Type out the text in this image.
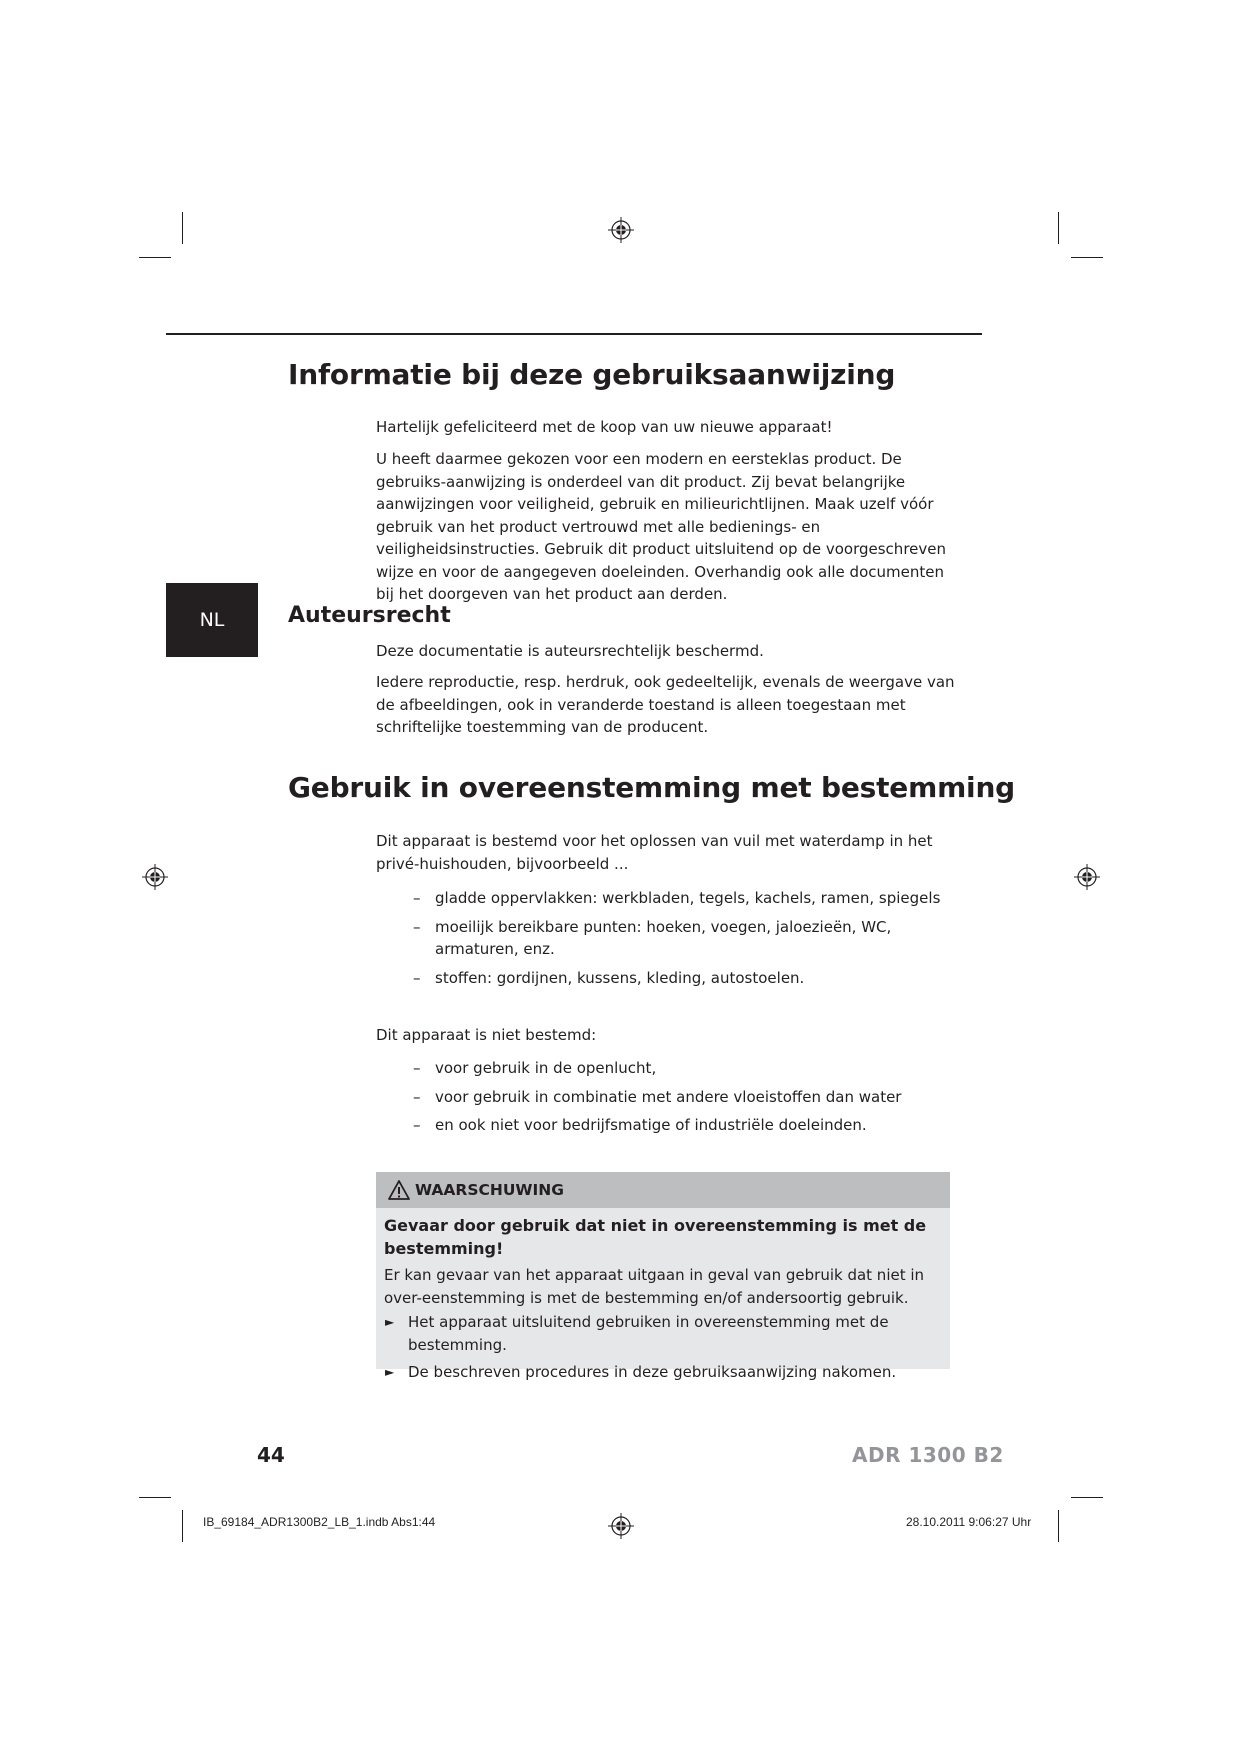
Informatie bij deze gebruiksaanwijzing

Hartelijk gefeliciteerd met de koop van uw nieuwe apparaat!

U heeft daarmee gekozen voor een modern en eersteklas product. De gebruiks-aanwijzing is onderdeel van dit product. Zij bevat belangrijke aanwijzingen voor veiligheid, gebruik en milieurichtlijnen. Maak uzelf vóór gebruik van het product vertrouwd met alle bedienings- en veiligheidsinstructies. Gebruik dit product uitsluitend op de voorgeschreven wijze en voor de aangegeven doeleinden. Overhandig ook alle documenten bij het doorgeven van het product aan derden.

NL	Auteursrecht

Deze documentatie is auteursrechtelijk beschermd.

Iedere reproductie, resp. herdruk, ook gedeeltelijk, evenals de weergave van de afbeeldingen, ook in veranderde toestand is alleen toegestaan met schriftelijke toestemming van de producent.

Gebruik in overeenstemming met bestemming

Dit apparaat is bestemd voor het oplossen van vuil met waterdamp in het privé-huishouden, bijvoorbeeld ...

– gladde oppervlakken: werkbladen, tegels, kachels, ramen, spiegels
– moeilijk bereikbare punten: hoeken, voegen, jaloezieën, WC, armaturen, enz.
– stoffen: gordijnen, kussens, kleding, autostoelen.

Dit apparaat is niet bestemd:

– voor gebruik in de openlucht,
– voor gebruik in combinatie met andere vloeistoffen dan water
– en ook niet voor bedrijfsmatige of industriële doeleinden.
WAARSCHUWING
Gevaar door gebruik dat niet in overeenstemming is met de bestemming!
Er kan gevaar van het apparaat uitgaan in geval van gebruik dat niet in over-eenstemming is met de bestemming en/of andersoortig gebruik.
► Het apparaat uitsluitend gebruiken in overeenstemming met de bestemming.
► De beschreven procedures in deze gebruiksaanwijzing nakomen.
44	ADR 1300 B2
IB_69184_ADR1300B2_LB_1.indb Abs1:44	28.10.2011 9:06:27 Uhr
